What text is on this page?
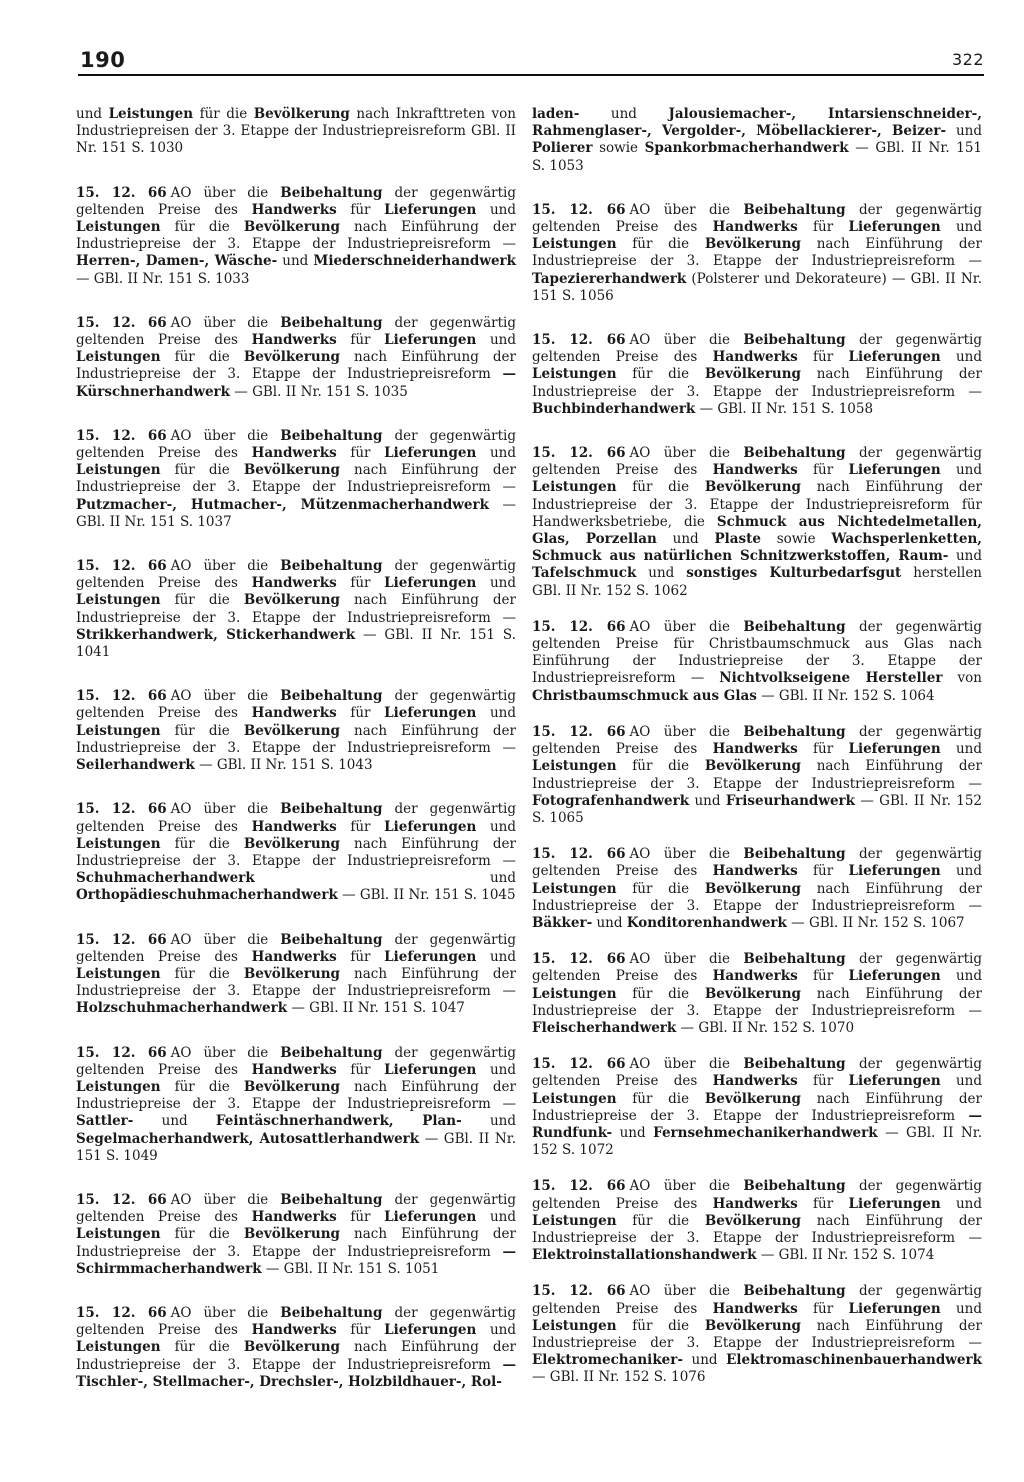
190	322

und Leistungen für die Bevölkerung nach Inkrafttreten von Industriepreisen der 3. Etappe der Industriepreisreform GBl. II Nr. 151 S. 1030

15. 12. 66 AO über die Beibehaltung der gegenwärtig geltenden Preise des Handwerks für Lieferungen und Leistungen für die Bevölkerung nach Einführung der Industriepreise der 3. Etappe der Industriepreisreform — Herren-, Damen-, Wäsche- und Miederschneiderhandwerk — GBl. II Nr. 151 S. 1033

15. 12. 66 AO über die Beibehaltung der gegenwärtig geltenden Preise des Handwerks für Lieferungen und Leistungen für die Bevölkerung nach Einführung der Industriepreise der 3. Etappe der Industriepreisreform —Kürschnerhandwerk — GBl. II Nr. 151 S. 1035

15. 12. 66 AO über die Beibehaltung der gegenwärtig geltenden Preise des Handwerks für Lieferungen und Leistungen für die Bevölkerung nach Einführung der Industriepreise der 3. Etappe der Industriepreisreform — Putzmacher-, Hutmacher-, Mützenmacherhandwerk — GBl. II Nr. 151 S. 1037

15. 12. 66 AO über die Beibehaltung der gegenwärtig geltenden Preise des Handwerks für Lieferungen und Leistungen für die Bevölkerung nach Einführung der Industriepreise der 3. Etappe der Industriepreisreform — Strikkerhandwerk, Stickerhandwerk — GBl. II Nr. 151 S. 1041

15. 12. 66 AO über die Beibehaltung der gegenwärtig geltenden Preise des Handwerks für Lieferungen und Leistungen für die Bevölkerung nach Einführung der Industriepreise der 3. Etappe der Industriepreisreform — Seilerhandwerk — GBl. II Nr. 151 S. 1043

15. 12. 66 AO über die Beibehaltung der gegenwärtig geltenden Preise des Handwerks für Lieferungen und Leistungen für die Bevölkerung nach Einführung der Industriepreise der 3. Etappe der Industriepreisreform — Schuhmacherhandwerk und Orthopädieschuhmacherhandwerk — GBl. II Nr. 151 S. 1045

15. 12. 66 AO über die Beibehaltung der gegenwärtig geltenden Preise des Handwerks für Lieferungen und Leistungen für die Bevölkerung nach Einführung der Industriepreise der 3. Etappe der Industriepreisreform — Holzschuhmacherhandwerk — GBl. II Nr. 151 S. 1047

15. 12. 66 AO über die Beibehaltung der gegenwärtig geltenden Preise des Handwerks für Lieferungen und Leistungen für die Bevölkerung nach Einführung der Industriepreise der 3. Etappe der Industriepreisreform — Sattler- und Feintäschnerhandwerk, Plan- und Segelmacherhandwerk, Autosattlerhandwerk — GBl. II Nr. 151 S. 1049

15. 12. 66 AO über die Beibehaltung der gegenwärtig geltenden Preise des Handwerks für Lieferungen und Leistungen für die Bevölkerung nach Einführung der Industriepreise der 3. Etappe der Industriepreisreform — Schirmmacherhandwerk — GBl. II Nr. 151 S. 1051

15. 12. 66 AO über die Beibehaltung der gegenwärtig geltenden Preise des Handwerks für Lieferungen und Leistungen für die Bevölkerung nach Einführung der Industriepreise der 3. Etappe der Industriepreisreform — Tischler-, Stellmacher-, Drechsler-, Holzbildhauer-, Rol-

laden- und Jalousiemacher-, Intarsienschneider-, Rahmenglaser-, Vergolder-, Möbellackierer-, Beizer- und Polierer sowie Spankorbmacherhandwerk — GBl. II Nr. 151 S. 1053

15. 12. 66 AO über die Beibehaltung der gegenwärtig geltenden Preise des Handwerks für Lieferungen und Leistungen für die Bevölkerung nach Einführung der Industriepreise der 3. Etappe der Industriepreisreform — Tapeziererhandwerk (Polsterer und Dekorateure) — GBl. II Nr. 151 S. 1056

15. 12. 66 AO über die Beibehaltung der gegenwärtig geltenden Preise des Handwerks für Lieferungen und Leistungen für die Bevölkerung nach Einführung der Industriepreise der 3. Etappe der Industriepreisreform — Buchbinderhandwerk — GBl. II Nr. 151 S. 1058

15. 12. 66 AO über die Beibehaltung der gegenwärtig geltenden Preise des Handwerks für Lieferungen und Leistungen für die Bevölkerung nach Einführung der Industriepreise der 3. Etappe der Industriepreisreform für Handwerksbetriebe, die Schmuck aus Nichtedelmetallen, Glas, Porzellan und Plaste sowie Wachsperlenketten, Schmuck aus natürlichen Schnitzwerkstoffen, Raum- und Tafelschmuck und sonstiges Kulturbedarfsgut herstellen GBl. II Nr. 152 S. 1062

15. 12. 66 AO über die Beibehaltung der gegenwärtig geltenden Preise für Christbaumschmuck aus Glas nach Einführung der Industriepreise der 3. Etappe der Industriepreisreform — Nichtvolkseigene Hersteller von Christbaumschmuck aus Glas — GBl. II Nr. 152 S. 1064

15. 12. 66 AO über die Beibehaltung der gegenwärtig geltenden Preise des Handwerks für Lieferungen und Leistungen für die Bevölkerung nach Einführung der Industriepreise der 3. Etappe der Industriepreisreform — Fotografenhandwerk und Friseurhandwerk — GBl. II Nr. 152 S. 1065

15. 12. 66 AO über die Beibehaltung der gegenwärtig geltenden Preise des Handwerks für Lieferungen und Leistungen für die Bevölkerung nach Einführung der Industriepreise der 3. Etappe der Industriepreisreform — Bäkker- und Konditorenhandwerk — GBl. II Nr. 152 S. 1067

15. 12. 66 AO über die Beibehaltung der gegenwärtig geltenden Preise des Handwerks für Lieferungen und Leistungen für die Bevölkerung nach Einführung der Industriepreise der 3. Etappe der Industriepreisreform — Fleischerhandwerk — GBl. II Nr. 152 S. 1070

15. 12. 66 AO über die Beibehaltung der gegenwärtig geltenden Preise des Handwerks für Lieferungen und Leistungen für die Bevölkerung nach Einführung der Industriepreise der 3. Etappe der Industriepreisreform — Rundfunk- und Fernsehmechanikerhandwerk — GBl. II Nr. 152 S. 1072

15. 12. 66 AO über die Beibehaltung der gegenwärtig geltenden Preise des Handwerks für Lieferungen und Leistungen für die Bevölkerung nach Einführung der Industriepreise der 3. Etappe der Industriepreisreform — Elektroinstallationshandwerk — GBl. II Nr. 152 S. 1074

15. 12. 66 AO über die Beibehaltung der gegenwärtig geltenden Preise des Handwerks für Lieferungen und Leistungen für die Bevölkerung nach Einführung der Industriepreise der 3. Etappe der Industriepreisreform — Elektromechaniker- und Elektromaschinenbauerhandwerk — GBl. II Nr. 152 S. 1076
